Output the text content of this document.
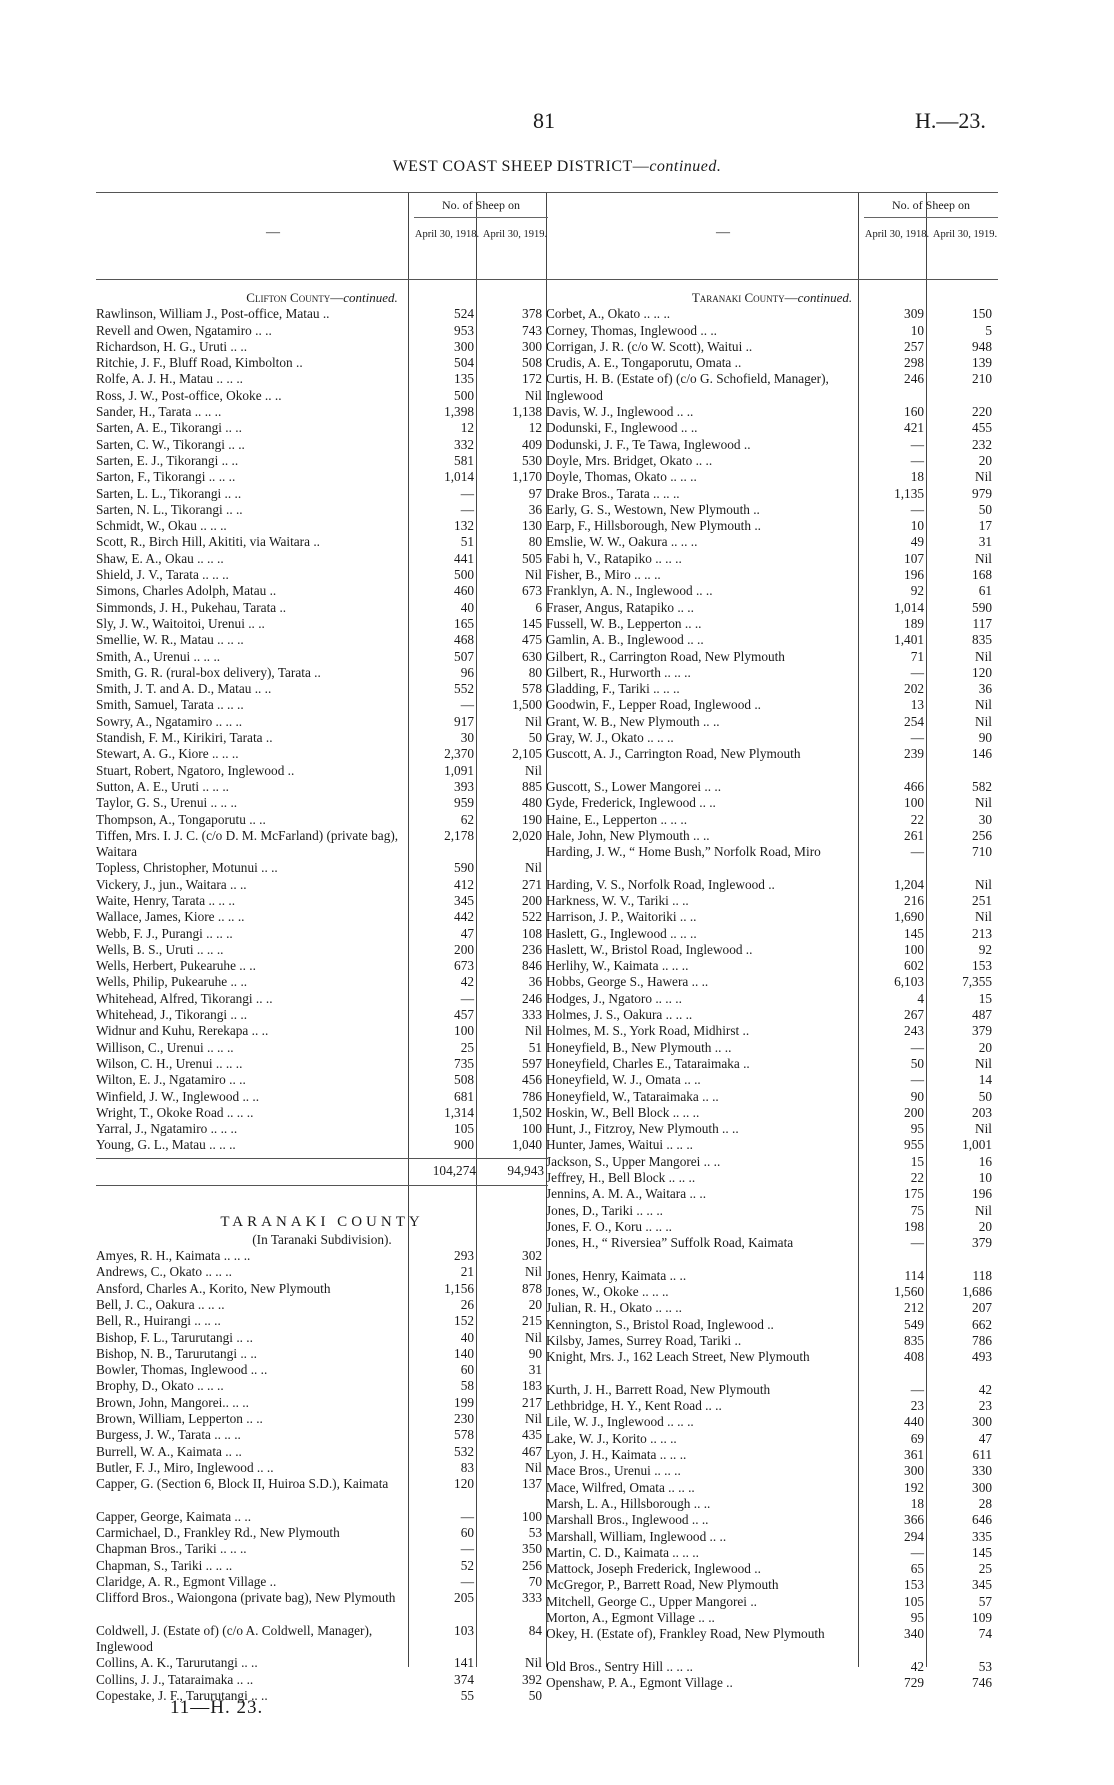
81	H.—23.
WEST COAST SHEEP DISTRICT—continued.
—
No. of Sheep on
April 30, 1918. April 30, 1919.
Clifton County—continued.
Rawlinson, William J., Post-office, Matau ..	524	378
Revell and Owen, Ngatamiro .. ..	953	743
Richardson, H. G., Uruti .. ..	300	300
Ritchie, J. F., Bluff Road, Kimbolton ..	504	508
Rolfe, A. J. H., Matau .. .. ..	135	172
Ross, J. W., Post-office, Okoke .. ..	500	Nil
Sander, H., Tarata .. .. ..	1,398	1,138
Sarten, A. E., Tikorangi .. ..	12	12
Sarten, C. W., Tikorangi .. ..	332	409
Sarten, E. J., Tikorangi .. ..	581	530
Sarton, F., Tikorangi .. .. ..	1,014	1,170
Sarten, L. L., Tikorangi .. ..	—	97
Sarten, N. L., Tikorangi .. ..	—	36
Schmidt, W., Okau .. .. ..	132	130
Scott, R., Birch Hill, Akititi, via Waitara ..	51	80
Shaw, E. A., Okau .. .. ..	441	505
Shield, J. V., Tarata .. .. ..	500	Nil
Simons, Charles Adolph, Matau ..	460	673
Simmonds, J. H., Pukehau, Tarata ..	40	6
Sly, J. W., Waitoitoi, Urenui .. ..	165	145
Smellie, W. R., Matau .. .. ..	468	475
Smith, A., Urenui .. .. ..	507	630
Smith, G. R. (rural-box delivery), Tarata ..	96	80
Smith, J. T. and A. D., Matau .. ..	552	578
Smith, Samuel, Tarata .. .. ..	—	1,500
Sowry, A., Ngatamiro .. .. ..	917	Nil
Standish, F. M., Kirikiri, Tarata ..	30	50
Stewart, A. G., Kiore .. .. ..	2,370	2,105
Stuart, Robert, Ngatoro, Inglewood ..	1,091	Nil
Sutton, A. E., Uruti .. .. ..	393	885
Taylor, G. S., Urenui .. .. ..	959	480
Thompson, A., Tongaporutu .. ..	62	190
Tiffen, Mrs. I. J. C. (c/o D. M. McFarland) (private bag), Waitara
2,178	2,020
Topless, Christopher, Motunui .. ..	590	Nil
Vickery, J., jun., Waitara .. ..	412	271
Waite, Henry, Tarata .. .. ..	345	200
Wallace, James, Kiore .. .. ..	442	522
Webb, F. J., Purangi .. .. ..	47	108
Wells, B. S., Uruti .. .. ..	200	236
Wells, Herbert, Pukearuhe .. ..	673	846
Wells, Philip, Pukearuhe .. ..	42	36
Whitehead, Alfred, Tikorangi .. ..	—	246
Whitehead, J., Tikorangi .. ..	457	333
Widnur and Kuhu, Rerekapa .. ..	100	Nil
Willison, C., Urenui .. .. ..	25	51
Wilson, C. H., Urenui .. .. ..	735	597
Wilton, E. J., Ngatamiro .. ..	508	456
Winfield, J. W., Inglewood .. ..	681	786
Wright, T., Okoke Road .. .. ..	1,314	1,502
Yarral, J., Ngatamiro .. .. ..	105	100
Young, G. L., Matau .. .. ..	900	1,040
104,274	94,943
TARANAKI COUNTY
(In Taranaki Subdivision).
Amyes, R. H., Kaimata .. .. ..	293	302
Andrews, C., Okato .. .. ..	21	Nil
Ansford, Charles A., Korito, New Plymouth	1,156	878
Bell, J. C., Oakura .. .. ..	26	20
Bell, R., Huirangi .. .. ..	152	215
Bishop, F. L., Tarurutangi .. ..	40	Nil
Bishop, N. B., Tarurutangi .. ..	140	90
Bowler, Thomas, Inglewood .. ..	60	31
Brophy, D., Okato .. .. ..	58	183
Brown, John, Mangorei.. .. ..	199	217
Brown, William, Lepperton .. ..	230	Nil
Burgess, J. W., Tarata .. .. ..	578	435
Burrell, W. A., Kaimata .. ..	532	467
Butler, F. J., Miro, Inglewood .. ..	83	Nil
Capper, G. (Section 6, Block II, Huiroa S.D.), Kaimata	120	137
Capper, George, Kaimata .. ..	—	100
Carmichael, D., Frankley Rd., New Plymouth	60	53
Chapman Bros., Tariki .. .. ..	—	350
Chapman, S., Tariki .. .. ..	52	256
Claridge, A. R., Egmont Village ..	—	70
Clifford Bros., Waiongona (private bag), New Plymouth	205	333
Coldwell, J. (Estate of) (c/o A. Coldwell, Manager), Inglewood
103	84
Collins, A. K., Tarurutangi .. ..	141	Nil
Collins, J. J., Tataraimaka .. ..	374	392
Copestake, J. F., Tarurutangi .. ..	55	50
—
No. of Sheep on
April 30, 1918. April 30, 1919.
Taranaki County—continued.
Corbet, A., Okato .. .. ..	309	150
Corney, Thomas, Inglewood .. ..	10	5
Corrigan, J. R. (c/o W. Scott), Waitui ..	257	948
Crudis, A. E., Tongaporutu, Omata ..	298	139
Curtis, H. B. (Estate of) (c/o G. Schofield, Manager), Inglewood
246	210
Davis, W. J., Inglewood .. ..	160	220
Dodunski, F., Inglewood .. ..	421	455
Dodunski, J. F., Te Tawa, Inglewood ..	—	232
Doyle, Mrs. Bridget, Okato .. ..	—	20
Doyle, Thomas, Okato .. .. ..	18	Nil
Drake Bros., Tarata .. .. ..	1,135	979
Early, G. S., Westown, New Plymouth ..	—	50
Earp, F., Hillsborough, New Plymouth ..	10	17
Emslie, W. W., Oakura .. .. ..	49	31
Fabi h, V., Ratapiko .. .. ..	107	Nil
Fisher, B., Miro .. .. ..	196	168
Franklyn, A. N., Inglewood .. ..	92	61
Fraser, Angus, Ratapiko .. ..	1,014	590
Fussell, W. B., Lepperton .. ..	189	117
Gamlin, A. B., Inglewood .. ..	1,401	835
Gilbert, R., Carrington Road, New Plymouth	71	Nil
Gilbert, R., Hurworth .. .. ..	—	120
Gladding, F., Tariki .. .. ..	202	36
Goodwin, F., Lepper Road, Inglewood ..	13	Nil
Grant, W. B., New Plymouth .. ..	254	Nil
Gray, W. J., Okato .. .. ..	—	90
Guscott, A. J., Carrington Road, New Plymouth	239	146
Guscott, S., Lower Mangorei .. ..	466	582
Gyde, Frederick, Inglewood .. ..	100	Nil
Haine, E., Lepperton .. .. ..	22	30
Hale, John, New Plymouth .. ..	261	256
Harding, J. W., “ Home Bush,” Norfolk Road, Miro	—	710
Harding, V. S., Norfolk Road, Inglewood ..	1,204	Nil
Harkness, W. V., Tariki .. ..	216	251
Harrison, J. P., Waitoriki .. ..	1,690	Nil
Haslett, G., Inglewood .. .. ..	145	213
Haslett, W., Bristol Road, Inglewood ..	100	92
Herlihy, W., Kaimata .. .. ..	602	153
Hobbs, George S., Hawera .. ..	6,103	7,355
Hodges, J., Ngatoro .. .. ..	4	15
Holmes, J. S., Oakura .. .. ..	267	487
Holmes, M. S., York Road, Midhirst ..	243	379
Honeyfield, B., New Plymouth .. ..	—	20
Honeyfield, Charles E., Tataraimaka ..	50	Nil
Honeyfield, W. J., Omata .. ..	—	14
Honeyfield, W., Tataraimaka .. ..	90	50
Hoskin, W., Bell Block .. .. ..	200	203
Hunt, J., Fitzroy, New Plymouth .. ..	95	Nil
Hunter, James, Waitui .. .. ..	955	1,001
Jackson, S., Upper Mangorei .. ..	15	16
Jeffrey, H., Bell Block .. .. ..	22	10
Jennins, A. M. A., Waitara .. ..	175	196
Jones, D., Tariki .. .. ..	75	Nil
Jones, F. O., Koru .. .. ..	198	20
Jones, H., “ Riversiea” Suffolk Road, Kaimata	—	379
Jones, Henry, Kaimata .. ..	114	118
Jones, W., Okoke .. .. ..	1,560	1,686
Julian, R. H., Okato .. .. ..	212	207
Kennington, S., Bristol Road, Inglewood ..	549	662
Kilsby, James, Surrey Road, Tariki ..	835	786
Knight, Mrs. J., 162 Leach Street, New Plymouth	408	493
Kurth, J. H., Barrett Road, New Plymouth	—	42
Lethbridge, H. Y., Kent Road .. ..	23	23
Lile, W. J., Inglewood .. .. ..	440	300
Lake, W. J., Korito .. .. ..	69	47
Lyon, J. H., Kaimata .. .. ..	361	611
Mace Bros., Urenui .. .. ..	300	330
Mace, Wilfred, Omata .. .. ..	192	300
Marsh, L. A., Hillsborough .. ..	18	28
Marshall Bros., Inglewood .. ..	366	646
Marshall, William, Inglewood .. ..	294	335
Martin, C. D., Kaimata .. .. ..	—	145
Mattock, Joseph Frederick, Inglewood ..	65	25
McGregor, P., Barrett Road, New Plymouth	153	345
Mitchell, George C., Upper Mangorei ..	105	57
Morton, A., Egmont Village .. ..	95	109
Okey, H. (Estate of), Frankley Road, New Plymouth	340	74
Old Bros., Sentry Hill .. .. ..	42	53
Openshaw, P. A., Egmont Village ..	729	746
11—H. 23.
